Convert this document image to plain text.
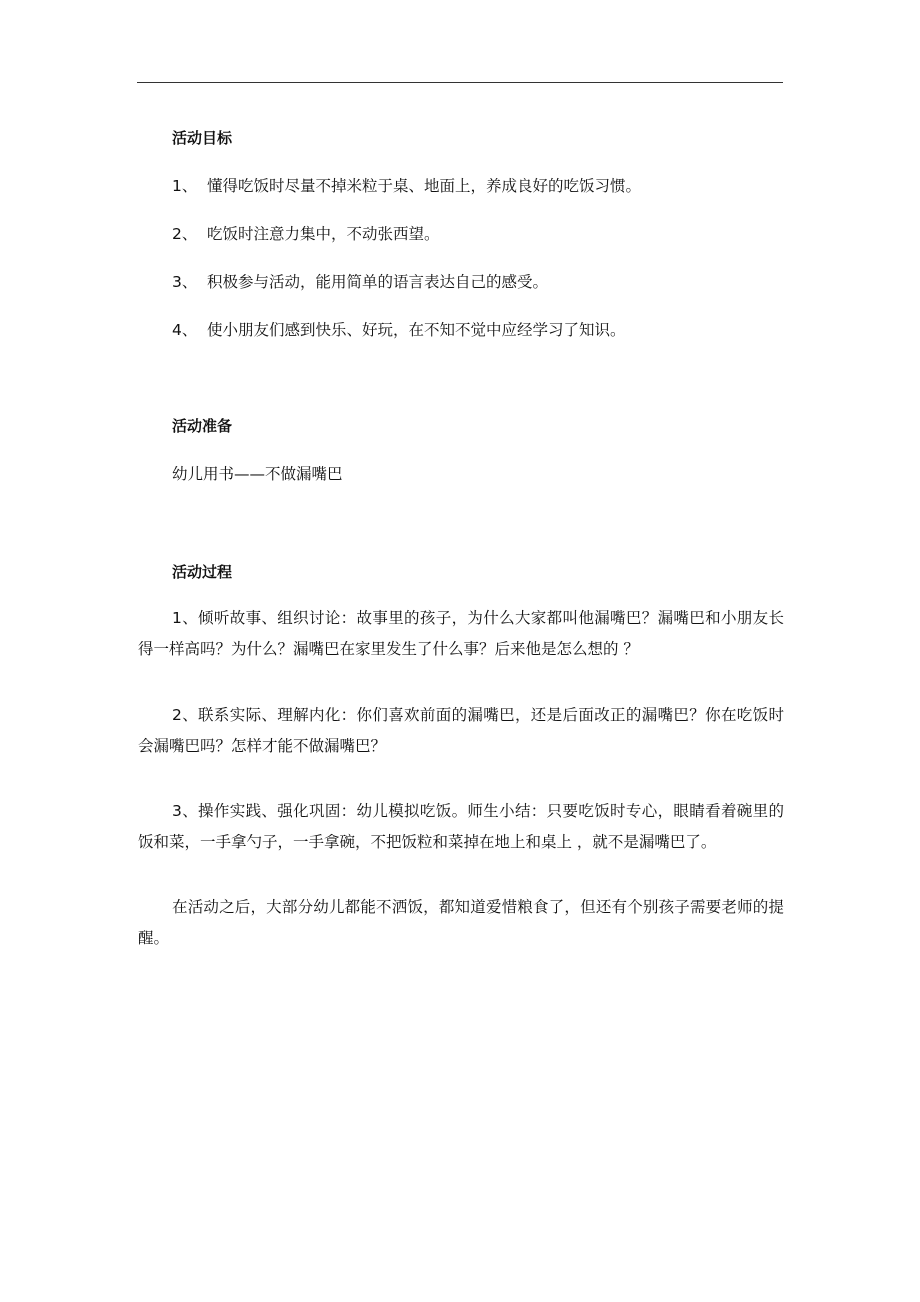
活动目标

1、 懂得吃饭时尽量不掉米粒于桌、地面上，养成良好的吃饭习惯。

2、 吃饭时注意力集中，不动张西望。

3、 积极参与活动，能用简单的语言表达自己的感受。

4、 使小朋友们感到快乐、好玩，在不知不觉中应经学习了知识。

活动准备

幼儿用书——不做漏嘴巴

活动过程

1、倾听故事、组织讨论：故事里的孩子，为什么大家都叫他漏嘴巴？漏嘴巴和小朋友长得一样高吗？为什么？漏嘴巴在家里发生了什么事？后来他是怎么想的 ？

2、联系实际、理解内化：你们喜欢前面的漏嘴巴，还是后面改正的漏嘴巴？你在吃饭时会漏嘴巴吗？怎样才能不做漏嘴巴？

3、操作实践、强化巩固：幼儿模拟吃饭。师生小结：只要吃饭时专心，眼睛看着碗里的饭和菜，一手拿勺子，一手拿碗，不把饭粒和菜掉在地上和桌上 ，就不是漏嘴巴了。

在活动之后，大部分幼儿都能不洒饭，都知道爱惜粮食了，但还有个别孩子需要老师的提醒。
